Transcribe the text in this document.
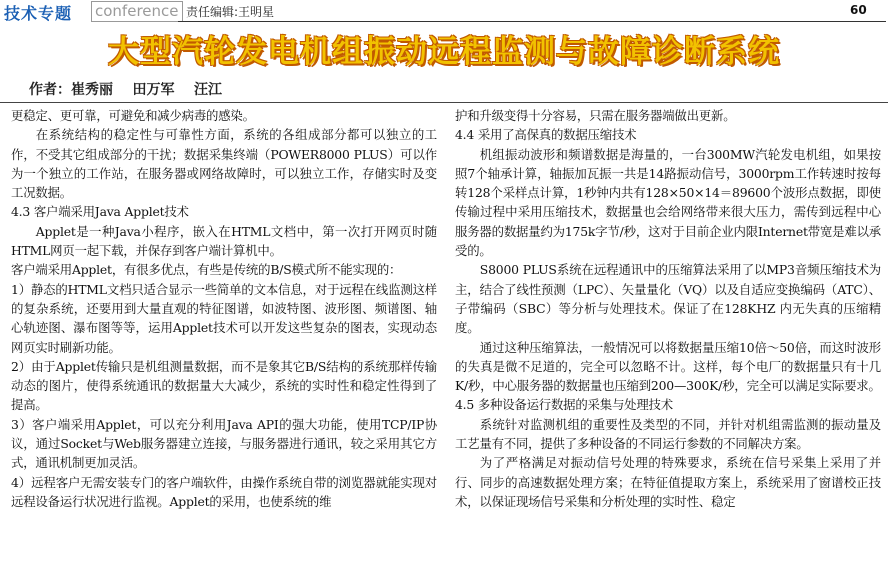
技术专题 conference 责任编辑:王明星	60
大型汽轮发电机组振动远程监测与故障诊断系统
作者：崔秀丽    田万军    汪江

更稳定、更可靠，可避免和减少病毒的感染。

在系统结构的稳定性与可靠性方面，系统的各组成部分都可以独立的工作，不受其它组成部分的干扰；数据采集终端（POWER8000 PLUS）可以作为一个独立的工作站，在服务器或网络故障时，可以独立工作，存储实时及变工况数据。

4.3 客户端采用Java Applet技术

Applet是一种Java小程序，嵌入在HTML文档中，第一次打开网页时随HTML网页一起下载，并保存到客户端计算机中。

客户端采用Applet，有很多优点，有些是传统的B/S模式所不能实现的：

1）静态的HTML文档只适合显示一些简单的文本信息，对于远程在线监测这样的复杂系统，还要用到大量直观的特征图谱，如波特图、波形图、频谱图、轴心轨迹图、瀑布图等等，运用Applet技术可以开发这些复杂的图表，实现动态网页实时刷新功能。

2）由于Applet传输只是机组测量数据，而不是象其它B/S结构的系统那样传输动态的图片，使得系统通讯的数据量大大减少，系统的实时性和稳定性得到了提高。

3）客户端采用Applet，可以充分利用Java API的强大功能，使用TCP/IP协议，通过Socket与Web服务器建立连接，与服务器进行通讯，较之采用其它方式，通讯机制更加灵活。

4）远程客户无需安装专门的客户端软件，由操作系统自带的浏览器就能实现对远程设备运行状况进行监视。Applet的采用，也使系统的维

护和升级变得十分容易，只需在服务器端做出更新。

4.4 采用了高保真的数据压缩技术

机组振动波形和频谱数据是海量的，一台300MW汽轮发电机组，如果按照7个轴承计算，轴振加瓦振一共是14路振动信号，3000rpm工作转速时按每转128个采样点计算，1秒钟内共有128×50×14＝89600个波形点数据，即使传输过程中采用压缩技术，数据量也会给网络带来很大压力，需传到远程中心服务器的数据量约为175k字节/秒，这对于目前企业内限Internet带宽是难以承受的。

S8000 PLUS系统在远程通讯中的压缩算法采用了以MP3音频压缩技术为主，结合了线性预测（LPC）、矢量量化（VQ）以及自适应变换编码（ATC）、子带编码（SBC）等分析与处理技术。保证了在128KHZ 内无失真的压缩精度。

通过这种压缩算法，一般情况可以将数据量压缩10倍～50倍，而这时波形的失真是微不足道的，完全可以忽略不计。这样，每个电厂的数据量只有十几K/秒，中心服务器的数据量也压缩到200—300K/秒，完全可以满足实际要求。

4.5 多种设备运行数据的采集与处理技术

系统针对监测机组的重要性及类型的不同，并针对机组需监测的振动量及工艺量有不同，提供了多种设备的不同运行参数的不同解决方案。

为了严格满足对振动信号处理的特殊要求，系统在信号采集上采用了并行、同步的高速数据处理方案；在特征值提取方案上，系统采用了窗谱校正技术，以保证现场信号采集和分析处理的实时性、稳定
